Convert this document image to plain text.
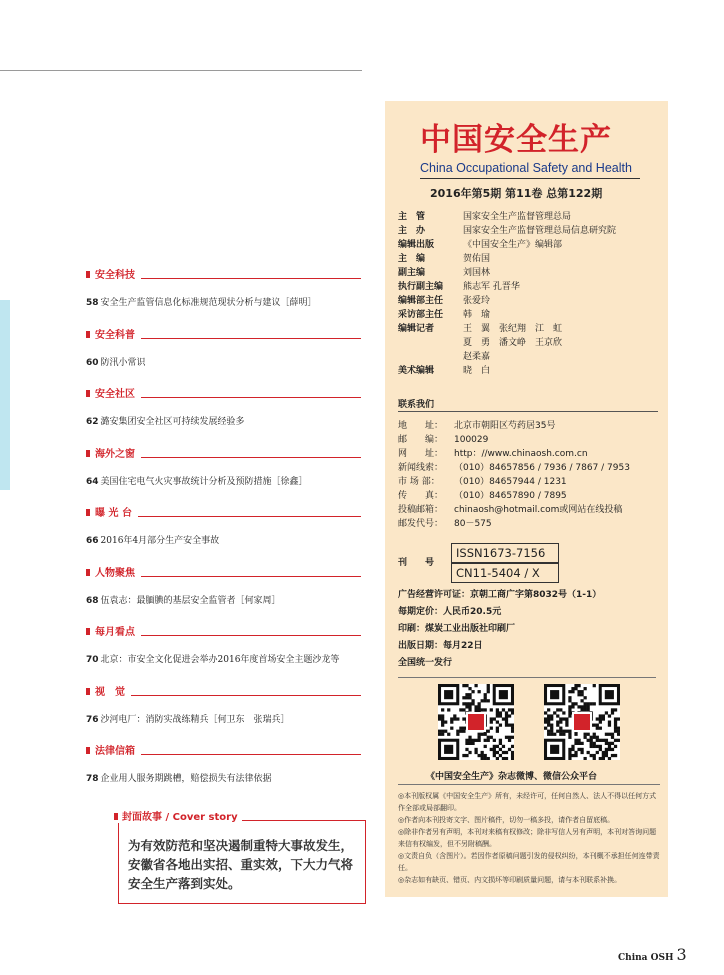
安全科技
58 安全生产监管信息化标准规范现状分析与建议［薛明］
安全科普
60 防汛小常识
安全社区
62 潞安集团安全社区可持续发展经验多
海外之窗
64 美国住宅电气火灾事故统计分析及预防措施［徐鑫］
曝 光 台
66 2016年4月部分生产安全事故
人物聚焦
68 伍袁志：最腼腆的基层安全监管者［何家周］
每月看点
70 北京：市安全文化促进会举办2016年度首场安全主题沙龙等
视　觉
76 沙河电厂：消防实战练精兵［何卫东　张瑞兵］
法律信箱
78 企业用人服务期跳槽，赔偿损失有法律依据
封面故事 / Cover story
为有效防范和坚决遏制重特大事故发生，安徽省各地出实招、重实效，下大力气将安全生产落到实处。
中国安全生产
China Occupational Safety and Health
2016年第5期 第11卷 总第122期
主　管	国家安全生产监督管理总局
主　办	国家安全生产监督管理总局信息研究院
编辑出版	《中国安全生产》编辑部
主　编	贺佑国
副主编	刘国林
执行副主编	熊志军 孔晋华
编辑部主任	张爱玲
采访部主任	韩　瑜
编辑记者	王　翼　张纪翔　江　虹
夏　勇　潘文峥　王京欣
赵柔嘉
美术编辑	晓　白
联系我们
地　　址：	北京市朝阳区芍药居35号
邮　　编：	100029
网　　址：	http：//www.chinaosh.com.cn
新闻线索：	（010）84657856 / 7936 / 7867 / 7953
市 场 部：	（010）84657944 / 1231
传　　真：	（010）84657890 / 7895
投稿邮箱：	chinaosh@hotmail.com或网站在线投稿
邮发代号：	80－575
刊　　号
ISSN1673-7156
CN11-5404 / X
广告经营许可证：京朝工商广字第8032号（1-1）
每期定价：人民币20.5元
印刷：煤炭工业出版社印刷厂
出版日期：每月22日
全国统一发行
《中国安全生产》杂志微博、微信公众平台
◎本刊版权属《中国安全生产》所有，未经许可，任何自然人、法人不得以任何方式作全部或局部翻印。
◎作者向本刊投寄文字、图片稿件，切勿一稿多投，请作者自留底稿。
◎除非作者另有声明，本刊对来稿有权修改；除非写信人另有声明，本刊对答询问题来信有权编发，但不另附稿酬。
◎文责自负（含图片）。若因作者原稿问题引发的侵权纠纷，本刊概不承担任何连带责任。
◎杂志如有缺页、错页、内文损坏等印刷质量问题，请与本刊联系补换。
China OSH 3
